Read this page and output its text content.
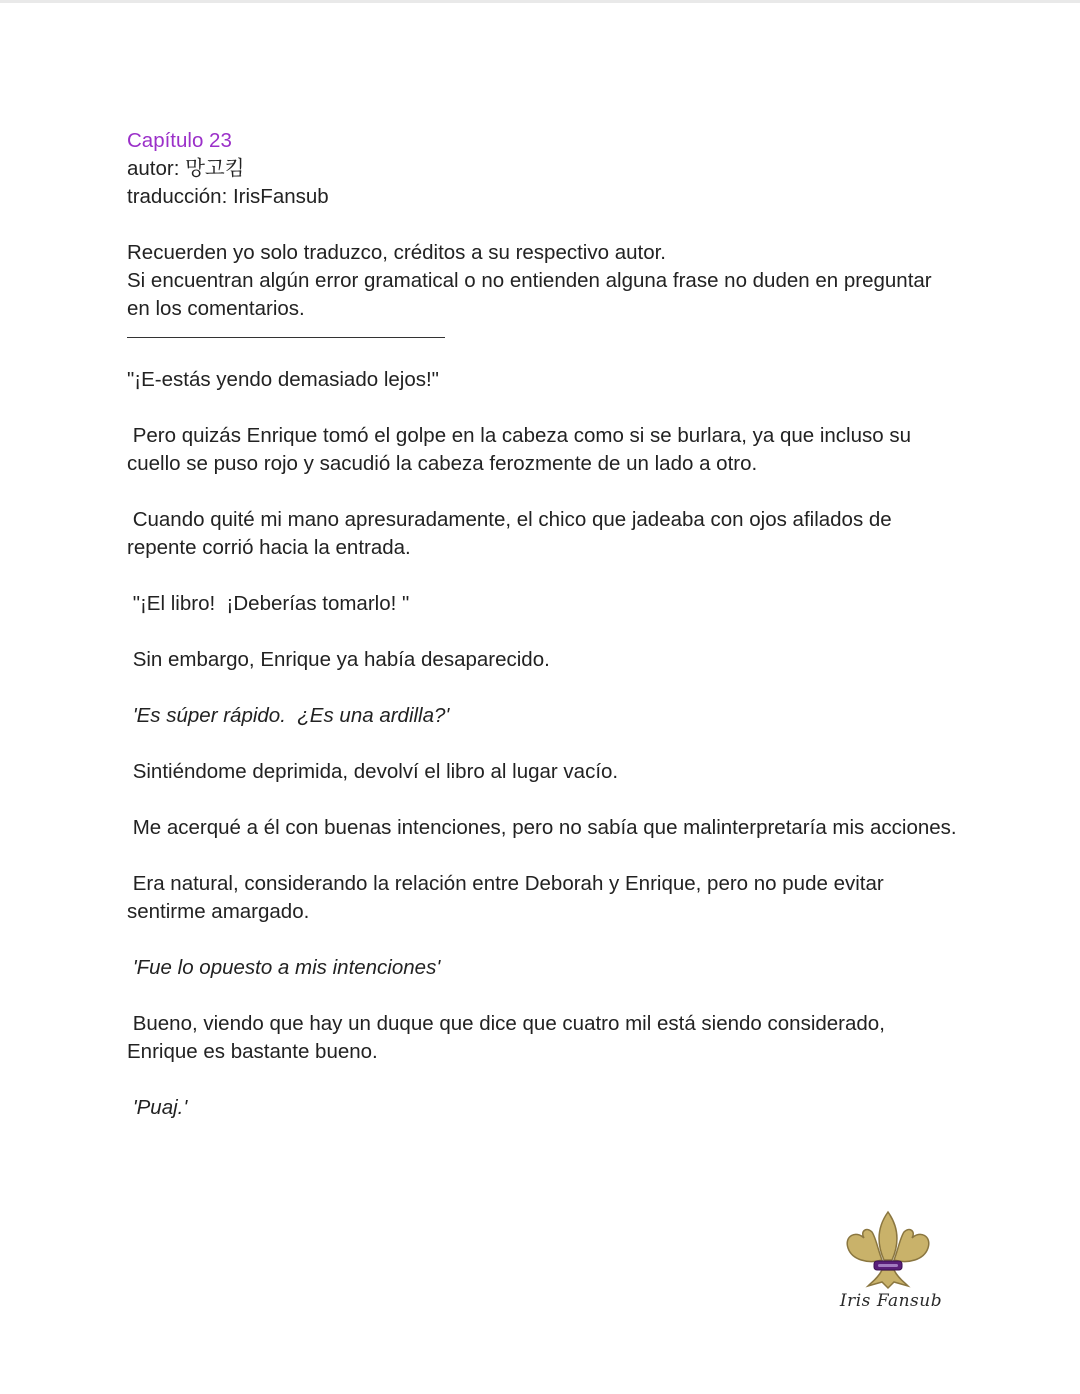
Capítulo 23
autor: 망고킴
traducción: IrisFansub
Recuerden yo solo traduzco, créditos a su respectivo autor.
Si encuentran algún error gramatical o no entienden alguna frase no duden en preguntar en los comentarios.
"¡E-estás yendo demasiado lejos!"
Pero quizás Enrique tomó el golpe en la cabeza como si se burlara, ya que incluso su cuello se puso rojo y sacudió la cabeza ferozmente de un lado a otro.
Cuando quité mi mano apresuradamente, el chico que jadeaba con ojos afilados de repente corrió hacia la entrada.
"¡El libro!  ¡Deberías tomarlo! "
Sin embargo, Enrique ya había desaparecido.
'Es súper rápido.  ¿Es una ardilla?'
Sintiéndome deprimida, devolví el libro al lugar vacío.
Me acerqué a él con buenas intenciones, pero no sabía que malinterpretaría mis acciones.
Era natural, considerando la relación entre Deborah y Enrique, pero no pude evitar sentirme amargado.
'Fue lo opuesto a mis intenciones'
Bueno, viendo que hay un duque que dice que cuatro mil está siendo considerado, Enrique es bastante bueno.
'Puaj.'
Iris Fansub
